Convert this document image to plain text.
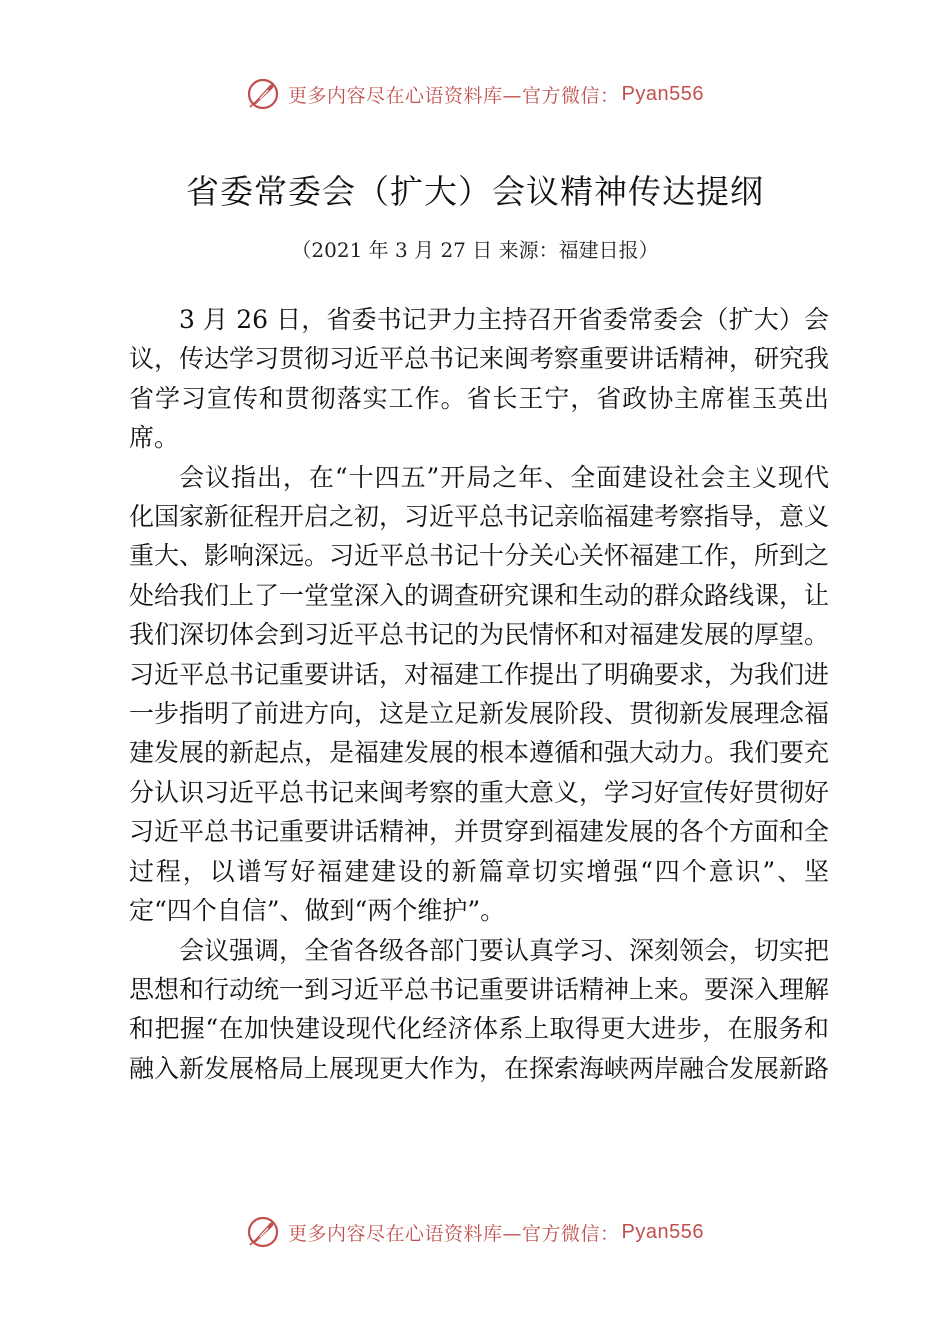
更多内容尽在心语资料库—官方微信： Pyan556
省委常委会（扩大）会议精神传达提纲
（2021 年 3 月 27 日 来源：福建日报）

3 月 26 日，省委书记尹力主持召开省委常委会（扩大）会议，传达学习贯彻习近平总书记来闽考察重要讲话精神，研究我省学习宣传和贯彻落实工作。省长王宁，省政协主席崔玉英出席。

会议指出，在“十四五”开局之年、全面建设社会主义现代化国家新征程开启之初，习近平总书记亲临福建考察指导，意义重大、影响深远。习近平总书记十分关心关怀福建工作，所到之处给我们上了一堂堂深入的调查研究课和生动的群众路线课，让我们深切体会到习近平总书记的为民情怀和对福建发展的厚望。习近平总书记重要讲话，对福建工作提出了明确要求，为我们进一步指明了前进方向，这是立足新发展阶段、贯彻新发展理念福建发展的新起点，是福建发展的根本遵循和强大动力。我们要充分认识习近平总书记来闽考察的重大意义，学习好宣传好贯彻好习近平总书记重要讲话精神，并贯穿到福建发展的各个方面和全过程，以谱写好福建建设的新篇章切实增强“四个意识”、坚定“四个自信”、做到“两个维护”。

会议强调，全省各级各部门要认真学习、深刻领会，切实把思想和行动统一到习近平总书记重要讲话精神上来。要深入理解和把握“在加快建设现代化经济体系上取得更大进步，在服务和融入新发展格局上展现更大作为，在探索海峡两岸融合发展新路

更多内容尽在心语资料库—官方微信： Pyan556
